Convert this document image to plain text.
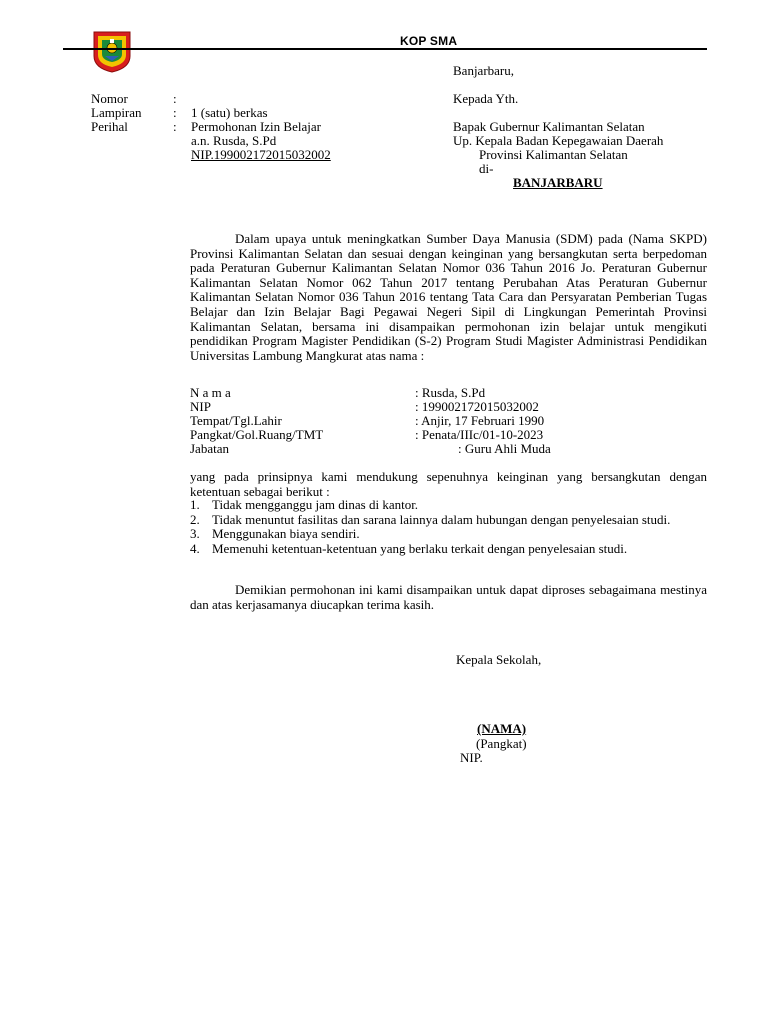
KOP SMA
Banjarbaru,
Nomor	:
Lampiran : 1 (satu) berkas
Perihal	: Permohonan Izin Belajar
a.n. Rusda, S.Pd
NIP.199002172015032002
Kepada Yth.
Bapak Gubernur Kalimantan Selatan
Up. Kepala Badan Kepegawaian Daerah
Provinsi Kalimantan Selatan
di-
BANJARBARU

Dalam upaya untuk meningkatkan Sumber Daya Manusia (SDM) pada (Nama SKPD) Provinsi Kalimantan Selatan dan sesuai dengan keinginan yang bersangkutan serta berpedoman pada Peraturan Gubernur Kalimantan Selatan Nomor 036 Tahun 2016 Jo. Peraturan Gubernur Kalimantan Selatan Nomor 062 Tahun 2017 tentang Perubahan Atas Peraturan Gubernur Kalimantan Selatan Nomor 036 Tahun 2016 tentang Tata Cara dan Persyaratan Pemberian Tugas Belajar dan Izin Belajar Bagi Pegawai Negeri Sipil di Lingkungan Pemerintah Provinsi Kalimantan Selatan, bersama ini disampaikan permohonan izin belajar untuk mengikuti pendidikan Program Magister Pendidikan (S-2) Program Studi Magister Administrasi Pendidikan Universitas Lambung Mangkurat atas nama :

N a m a	: Rusda, S.Pd
NIP	: 199002172015032002
Tempat/Tgl.Lahir	: Anjir, 17 Februari 1990
Pangkat/Gol.Ruang/TMT	: Penata/IIIc/01-10-2023
Jabatan	: Guru Ahli Muda

yang pada prinsipnya kami mendukung sepenuhnya keinginan yang bersangkutan dengan ketentuan sebagai berikut :

1. Tidak mengganggu jam dinas di kantor.
2. Tidak menuntut fasilitas dan sarana lainnya dalam hubungan dengan penyelesaian studi.
3. Menggunakan biaya sendiri.
4. Memenuhi ketentuan-ketentuan yang berlaku terkait dengan penyelesaian studi.

Demikian permohonan ini kami disampaikan untuk dapat diproses sebagaimana mestinya dan atas kerjasamanya diucapkan terima kasih.

Kepala Sekolah,
(NAMA)
(Pangkat)
NIP.
